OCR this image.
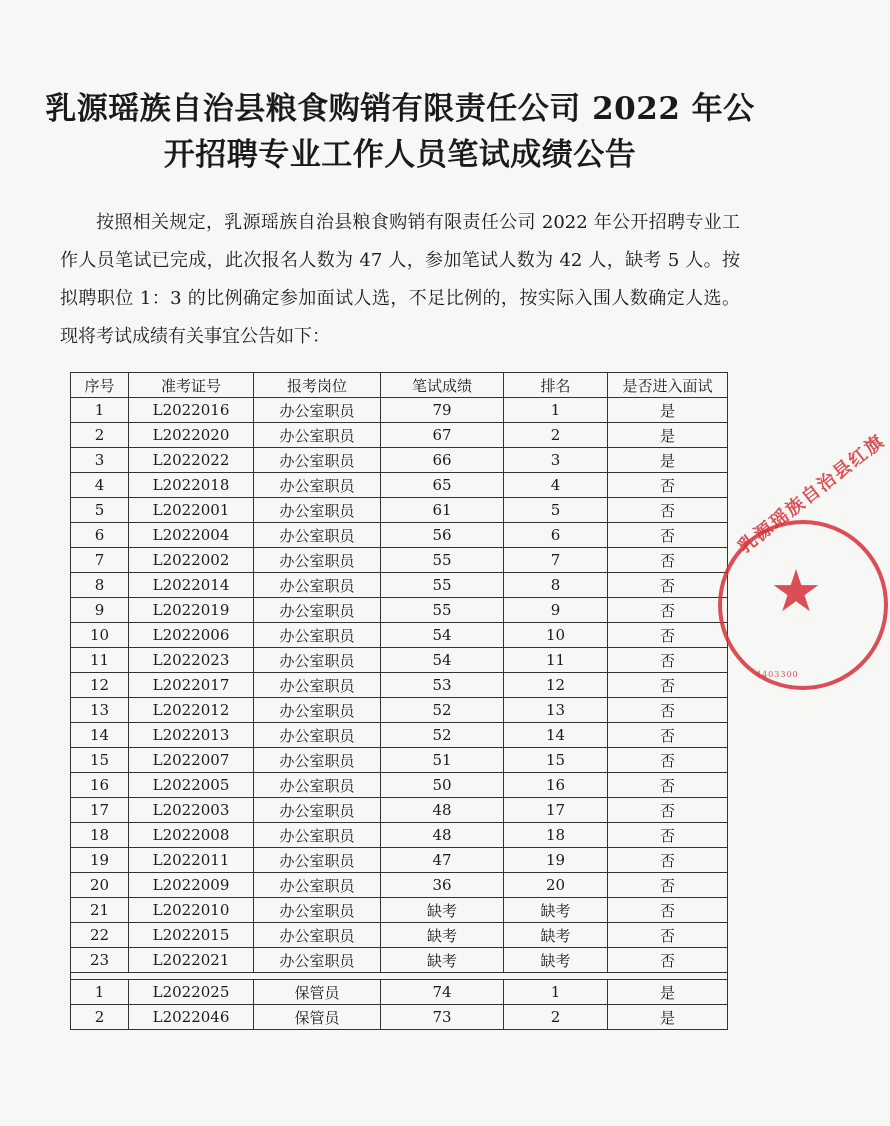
乳源瑶族自治县粮食购销有限责任公司 2022 年公
开招聘专业工作人员笔试成绩公告
按照相关规定，乳源瑶族自治县粮食购销有限责任公司 2022 年公开招聘专业工作人员笔试已完成，此次报名人数为 47 人，参加笔试人数为 42 人，缺考 5 人。按拟聘职位 1：3 的比例确定参加面试人选，不足比例的，按实际入围人数确定人选。现将考试成绩有关事宜公告如下：
序号	准考证号	报考岗位	笔试成绩	排名	是否进入面试
1	L2022016	办公室职员	79	1	是
2	L2022020	办公室职员	67	2	是
3	L2022022	办公室职员	66	3	是
4	L2022018	办公室职员	65	4	否
5	L2022001	办公室职员	61	5	否
6	L2022004	办公室职员	56	6	否
7	L2022002	办公室职员	55	7	否
8	L2022014	办公室职员	55	8	否
9	L2022019	办公室职员	55	9	否
10	L2022006	办公室职员	54	10	否
11	L2022023	办公室职员	54	11	否
12	L2022017	办公室职员	53	12	否
13	L2022012	办公室职员	52	13	否
14	L2022013	办公室职员	52	14	否
15	L2022007	办公室职员	51	15	否
16	L2022005	办公室职员	50	16	否
17	L2022003	办公室职员	48	17	否
18	L2022008	办公室职员	48	18	否
19	L2022011	办公室职员	47	19	否
20	L2022009	办公室职员	36	20	否
21	L2022010	办公室职员	缺考	缺考	否
22	L2022015	办公室职员	缺考	缺考	否
23	L2022021	办公室职员	缺考	缺考	否

1	L2022025	保管员	74	1	是
2	L2022046	保管员	73	2	是
乳源瑶族自治县红旗
★
4403300
